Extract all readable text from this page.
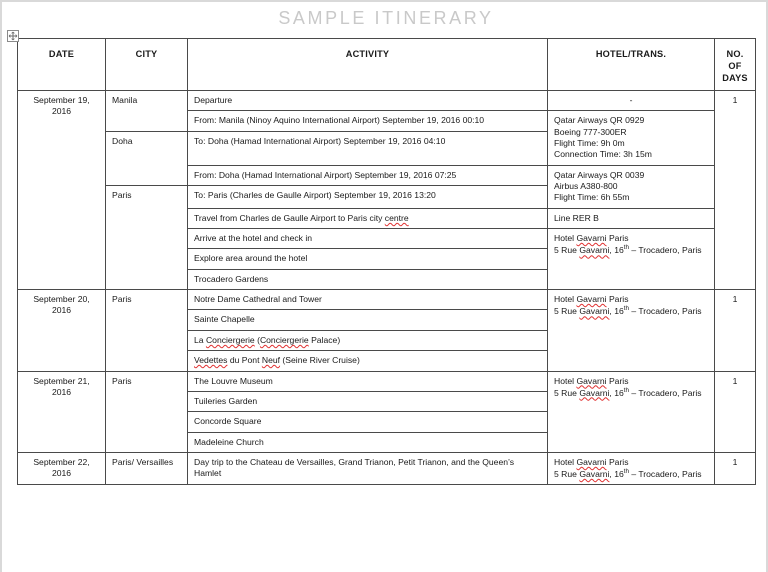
SAMPLE ITINERARY
DATE	CITY	ACTIVITY	HOTEL/TRANS.	NO. OF DAYS
September 19, 2016	Manila	Departure	-	1
		From: Manila (Ninoy Aquino International Airport) September 19, 2016 00:10	Qatar Airways QR 0929
Boeing 777-300ER
Flight Time: 9h 0m
Connection Time: 3h 15m	

	Doha	To: Doha (Hamad International Airport) September 19, 2016 04:10		
		From: Doha (Hamad International Airport) September 19, 2016 07:25	Qatar Airways QR 0039
Airbus A380-800
Flight Time: 6h 55m	

	Paris	To: Paris (Charles de Gaulle Airport) September 19, 2016 13:20		
		Travel from Charles de Gaulle Airport to Paris city centre	Line RER B	

		Arrive at the hotel and check in	Hotel Gavarni Paris
5 Rue Gavarni, 16th – Trocadero, Paris	

		Explore area around the hotel		
		Trocadero Gardens		
September 20, 2016	Paris	Notre Dame Cathedral and Tower	Hotel Gavarni Paris
5 Rue Gavarni, 16th – Trocadero, Paris	1
		Sainte Chapelle		
		La Conciergerie (Conciergerie Palace)		
		Vedettes du Pont Neuf (Seine River Cruise)		
September 21, 2016	Paris	The Louvre Museum	Hotel Gavarni Paris
5 Rue Gavarni, 16th – Trocadero, Paris	1
		Tuileries Garden		
		Concorde Square		
		Madeleine Church		
September 22, 2016	Paris/ Versailles	Day trip to the Chateau de Versailles, Grand Trianon, Petit Trianon, and the Queen’s Hamlet	Hotel Gavarni Paris
5 Rue Gavarni, 16th – Trocadero, Paris	1
